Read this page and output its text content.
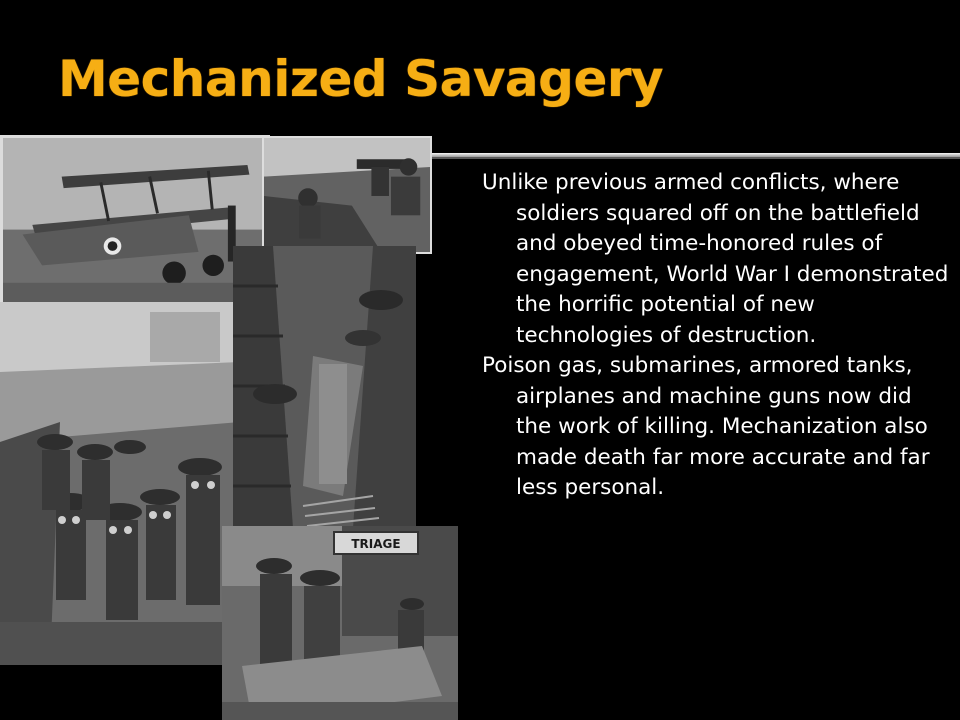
Mechanized Savagery
TRIAGE

Unlike previous armed conflicts, where soldiers squared off on the battlefield and obeyed time-honored rules of engagement, World War I demonstrated the horrific potential of new technologies of destruction.

Poison gas, submarines, armored tanks, airplanes and machine guns now did the work of killing. Mechanization also made death far more accurate and far less personal.
